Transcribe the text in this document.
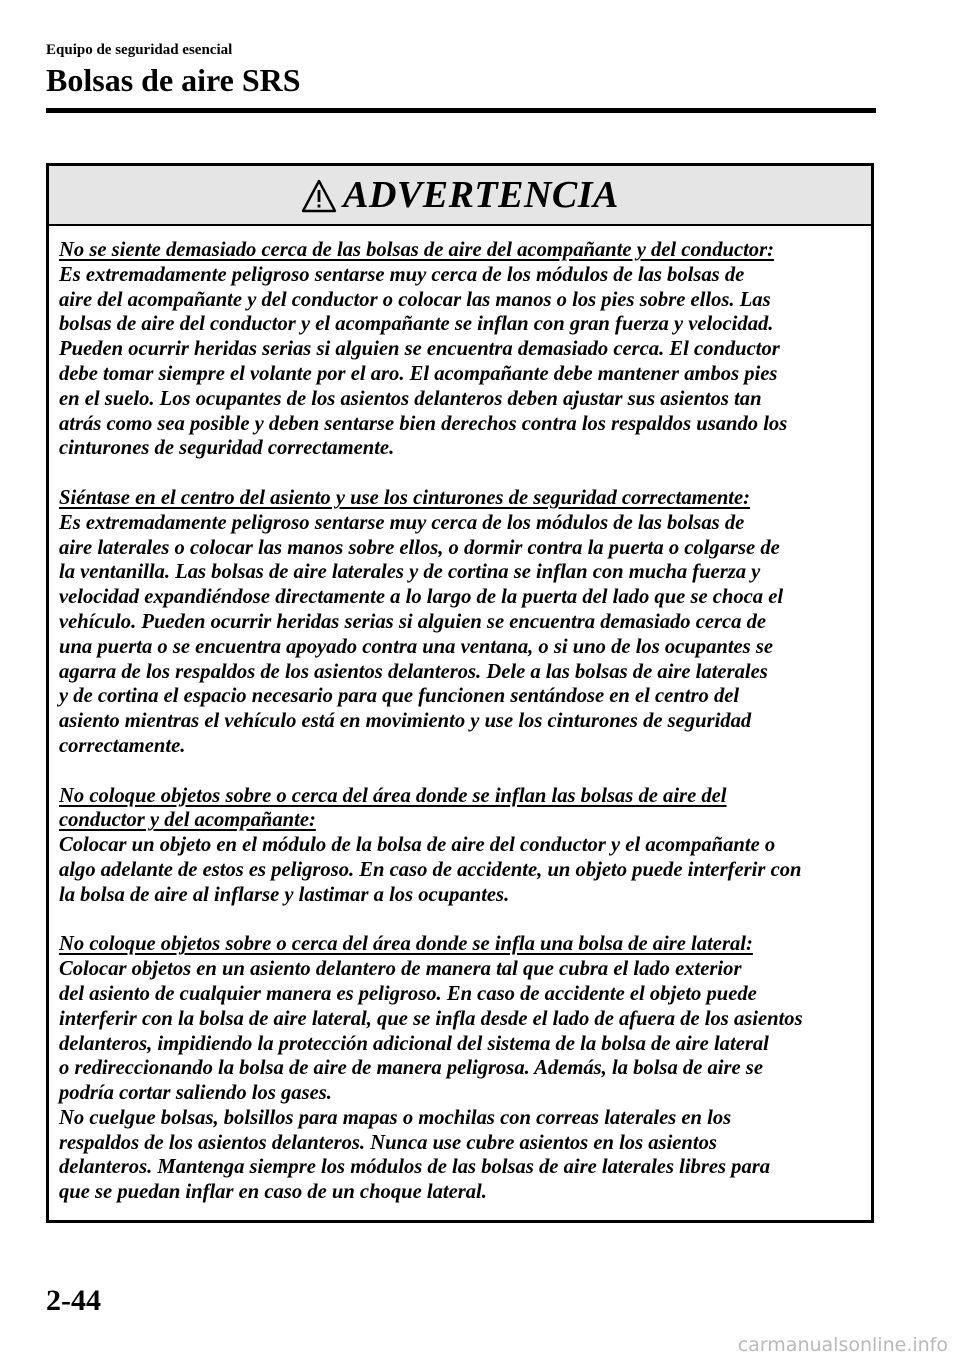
Equipo de seguridad esencial
Bolsas de aire SRS
ADVERTENCIA
No se siente demasiado cerca de las bolsas de aire del acompañante y del conductor:
Es extremadamente peligroso sentarse muy cerca de los módulos de las bolsas de
aire del acompañante y del conductor o colocar las manos o los pies sobre ellos. Las
bolsas de aire del conductor y el acompañante se inflan con gran fuerza y velocidad.
Pueden ocurrir heridas serias si alguien se encuentra demasiado cerca. El conductor
debe tomar siempre el volante por el aro. El acompañante debe mantener ambos pies
en el suelo. Los ocupantes de los asientos delanteros deben ajustar sus asientos tan
atrás como sea posible y deben sentarse bien derechos contra los respaldos usando los
cinturones de seguridad correctamente.
Siéntase en el centro del asiento y use los cinturones de seguridad correctamente:
Es extremadamente peligroso sentarse muy cerca de los módulos de las bolsas de
aire laterales o colocar las manos sobre ellos, o dormir contra la puerta o colgarse de
la ventanilla. Las bolsas de aire laterales y de cortina se inflan con mucha fuerza y
velocidad expandiéndose directamente a lo largo de la puerta del lado que se choca el
vehículo. Pueden ocurrir heridas serias si alguien se encuentra demasiado cerca de
una puerta o se encuentra apoyado contra una ventana, o si uno de los ocupantes se
agarra de los respaldos de los asientos delanteros. Dele a las bolsas de aire laterales
y de cortina el espacio necesario para que funcionen sentándose en el centro del
asiento mientras el vehículo está en movimiento y use los cinturones de seguridad
correctamente.
No coloque objetos sobre o cerca del área donde se inflan las bolsas de aire del
conductor y del acompañante:
Colocar un objeto en el módulo de la bolsa de aire del conductor y el acompañante o
algo adelante de estos es peligroso. En caso de accidente, un objeto puede interferir con
la bolsa de aire al inflarse y lastimar a los ocupantes.
No coloque objetos sobre o cerca del área donde se infla una bolsa de aire lateral:
Colocar objetos en un asiento delantero de manera tal que cubra el lado exterior
del asiento de cualquier manera es peligroso. En caso de accidente el objeto puede
interferir con la bolsa de aire lateral, que se infla desde el lado de afuera de los asientos
delanteros, impidiendo la protección adicional del sistema de la bolsa de aire lateral
o redireccionando la bolsa de aire de manera peligrosa. Además, la bolsa de aire se
podría cortar saliendo los gases.
No cuelgue bolsas, bolsillos para mapas o mochilas con correas laterales en los
respaldos de los asientos delanteros. Nunca use cubre asientos en los asientos
delanteros. Mantenga siempre los módulos de las bolsas de aire laterales libres para
que se puedan inflar en caso de un choque lateral.
2-44
carmanualsonline.info
